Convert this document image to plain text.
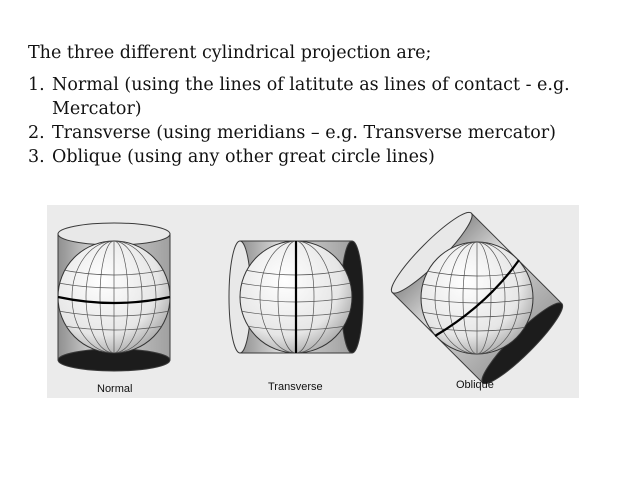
The three different cylindrical projection are;

1. Normal (using the lines of latitute as lines of contact - e.g. Mercator)
2. Transverse (using meridians – e.g. Transverse mercator)
3. Oblique (using any other great circle lines)
Normal	Transverse	Oblique
